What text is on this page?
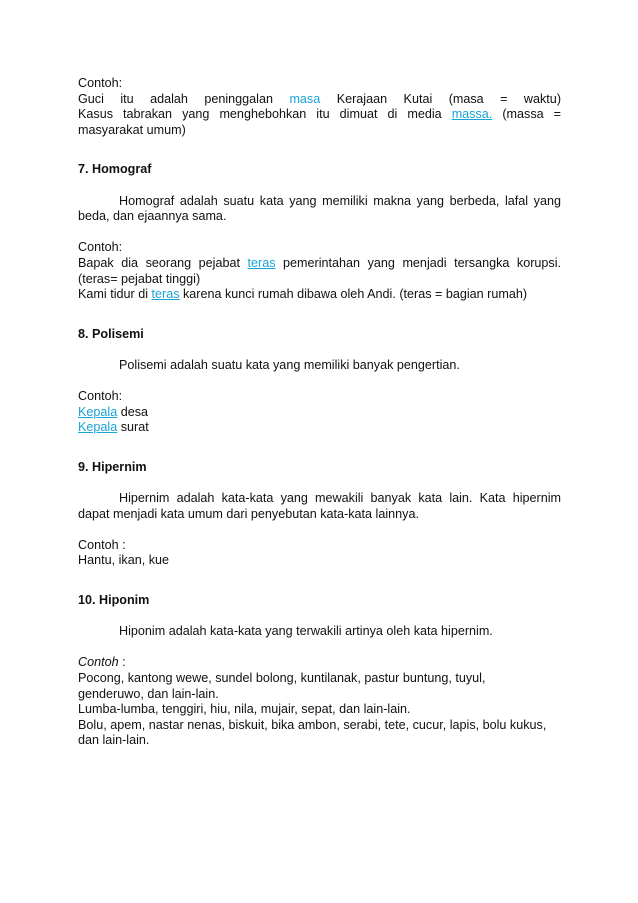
Contoh:

Guci itu adalah peninggalan masa Kerajaan Kutai (masa = waktu)

Kasus tabrakan yang menghebohkan itu dimuat di media massa. (massa =

masyarakat umum)

7. Homograf

Homograf adalah suatu kata yang memiliki makna yang berbeda, lafal yang

beda, dan ejaannya sama.

Contoh:

Bapak dia seorang pejabat teras pemerintahan yang menjadi tersangka korupsi.

(teras= pejabat tinggi)

Kami tidur di teras karena kunci rumah dibawa oleh Andi. (teras = bagian rumah)

8. Polisemi

Polisemi adalah suatu kata yang memiliki banyak pengertian.

Contoh:

Kepala desa

Kepala surat

9. Hipernim

Hipernim adalah kata-kata yang mewakili banyak kata lain. Kata hipernim

dapat menjadi kata umum dari penyebutan kata-kata lainnya.

Contoh :

Hantu, ikan, kue

10. Hiponim

Hiponim adalah kata-kata yang terwakili artinya oleh kata hipernim.

Contoh :

Pocong, kantong wewe, sundel bolong, kuntilanak, pastur buntung, tuyul,

genderuwo, dan lain-lain.

Lumba-lumba, tenggiri, hiu, nila, mujair, sepat, dan lain-lain.

Bolu, apem, nastar nenas, biskuit, bika ambon, serabi, tete, cucur, lapis, bolu kukus,

dan lain-lain.
